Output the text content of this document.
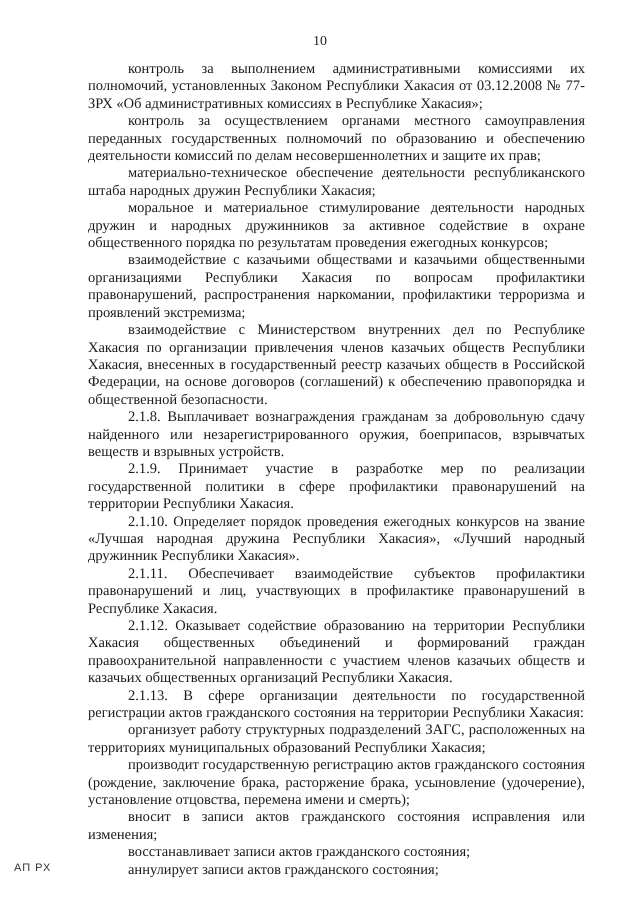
10

контроль за выполнением административными комиссиями их полномочий, установленных Законом Республики Хакасия от 03.12.2008 № 77-ЗРХ «Об административных комиссиях в Республике Хакасия»;

контроль за осуществлением органами местного самоуправления переданных государственных полномочий по образованию и обеспечению деятельности комиссий по делам несовершеннолетних и защите их прав;

материально-техническое обеспечение деятельности республиканского штаба народных дружин Республики Хакасия;

моральное и материальное стимулирование деятельности народных дружин и народных дружинников за активное содействие в охране общественного порядка по результатам проведения ежегодных конкурсов;

взаимодействие с казачьими обществами и казачьими общественными организациями Республики Хакасия по вопросам профилактики правонарушений, распространения наркомании, профилактики терроризма и проявлений экстремизма;

взаимодействие с Министерством внутренних дел по Республике Хакасия по организации привлечения членов казачьих обществ Республики Хакасия, внесенных в государственный реестр казачьих обществ в Российской Федерации, на основе договоров (соглашений) к обеспечению правопорядка и общественной безопасности.

2.1.8. Выплачивает вознаграждения гражданам за добровольную сдачу найденного или незарегистрированного оружия, боеприпасов, взрывчатых веществ и взрывных устройств.

2.1.9. Принимает участие в разработке мер по реализации государственной политики в сфере профилактики правонарушений на территории Республики Хакасия.

2.1.10. Определяет порядок проведения ежегодных конкурсов на звание «Лучшая народная дружина Республики Хакасия», «Лучший народный дружинник Республики Хакасия».

2.1.11. Обеспечивает взаимодействие субъектов профилактики правонарушений и лиц, участвующих в профилактике правонарушений в Республике Хакасия.

2.1.12. Оказывает содействие образованию на территории Республики Хакасия общественных объединений и формирований граждан правоохранительной направленности с участием членов казачьих обществ и казачьих общественных организаций Республики Хакасия.

2.1.13. В сфере организации деятельности по государственной регистрации актов гражданского состояния на территории Республики Хакасия:

организует работу структурных подразделений ЗАГС, расположенных на территориях муниципальных образований Республики Хакасия;

производит государственную регистрацию актов гражданского состояния (рождение, заключение брака, расторжение брака, усыновление (удочерение), установление отцовства, перемена имени и смерть);

вносит в записи актов гражданского состояния исправления или изменения;

восстанавливает записи актов гражданского состояния;

аннулирует записи актов гражданского состояния;

АП РХ
